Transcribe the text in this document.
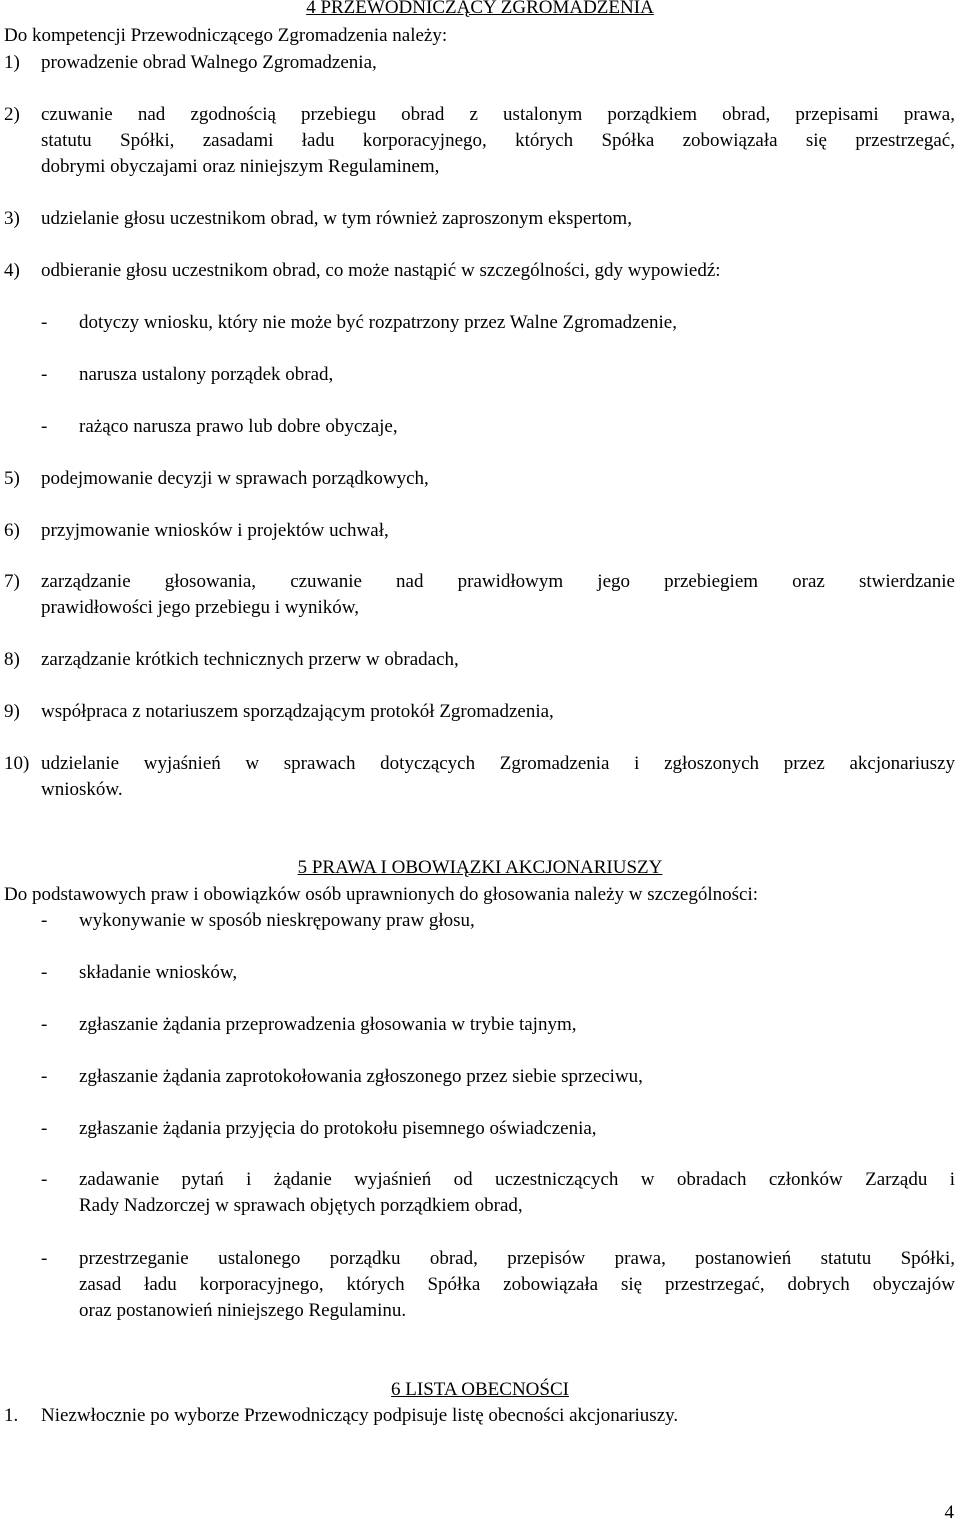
4 PRZEWODNICZĄCY ZGROMADZENIA
Do kompetencji Przewodniczącego Zgromadzenia należy:
1) prowadzenie obrad Walnego Zgromadzenia,
2) czuwanie nad zgodnością przebiegu obrad z ustalonym porządkiem obrad, przepisami prawa,
statutu Spółki, zasadami ładu korporacyjnego, których Spółka zobowiązała się przestrzegać,
dobrymi obyczajami oraz niniejszym Regulaminem,
3) udzielanie głosu uczestnikom obrad, w tym również zaproszonym ekspertom,
4) odbieranie głosu uczestnikom obrad, co może nastąpić w szczególności, gdy wypowiedź:
- dotyczy wniosku, który nie może być rozpatrzony przez Walne Zgromadzenie,
- narusza ustalony porządek obrad,
- rażąco narusza prawo lub dobre obyczaje,
5) podejmowanie decyzji w sprawach porządkowych,
6) przyjmowanie wniosków i projektów uchwał,
7) zarządzanie głosowania, czuwanie nad prawidłowym jego przebiegiem oraz stwierdzanie
prawidłowości jego przebiegu i wyników,
8) zarządzanie krótkich technicznych przerw w obradach,
9) współpraca z notariuszem sporządzającym protokół Zgromadzenia,
10) udzielanie wyjaśnień w sprawach dotyczących Zgromadzenia i zgłoszonych przez akcjonariuszy
wniosków.
5 PRAWA I OBOWIĄZKI AKCJONARIUSZY
Do podstawowych praw i obowiązków osób uprawnionych do głosowania należy w szczególności:
- wykonywanie w sposób nieskrępowany praw głosu,
- składanie wniosków,
- zgłaszanie żądania przeprowadzenia głosowania w trybie tajnym,
- zgłaszanie żądania zaprotokołowania zgłoszonego przez siebie sprzeciwu,
- zgłaszanie żądania przyjęcia do protokołu pisemnego oświadczenia,
- zadawanie pytań i żądanie wyjaśnień od uczestniczących w obradach członków Zarządu i
Rady Nadzorczej w sprawach objętych porządkiem obrad,
- przestrzeganie ustalonego porządku obrad, przepisów prawa, postanowień statutu Spółki,
zasad ładu korporacyjnego, których Spółka zobowiązała się przestrzegać, dobrych obyczajów
oraz postanowień niniejszego Regulaminu.
6 LISTA OBECNOŚCI
1. Niezwłocznie po wyborze Przewodniczący podpisuje listę obecności akcjonariuszy.
4
